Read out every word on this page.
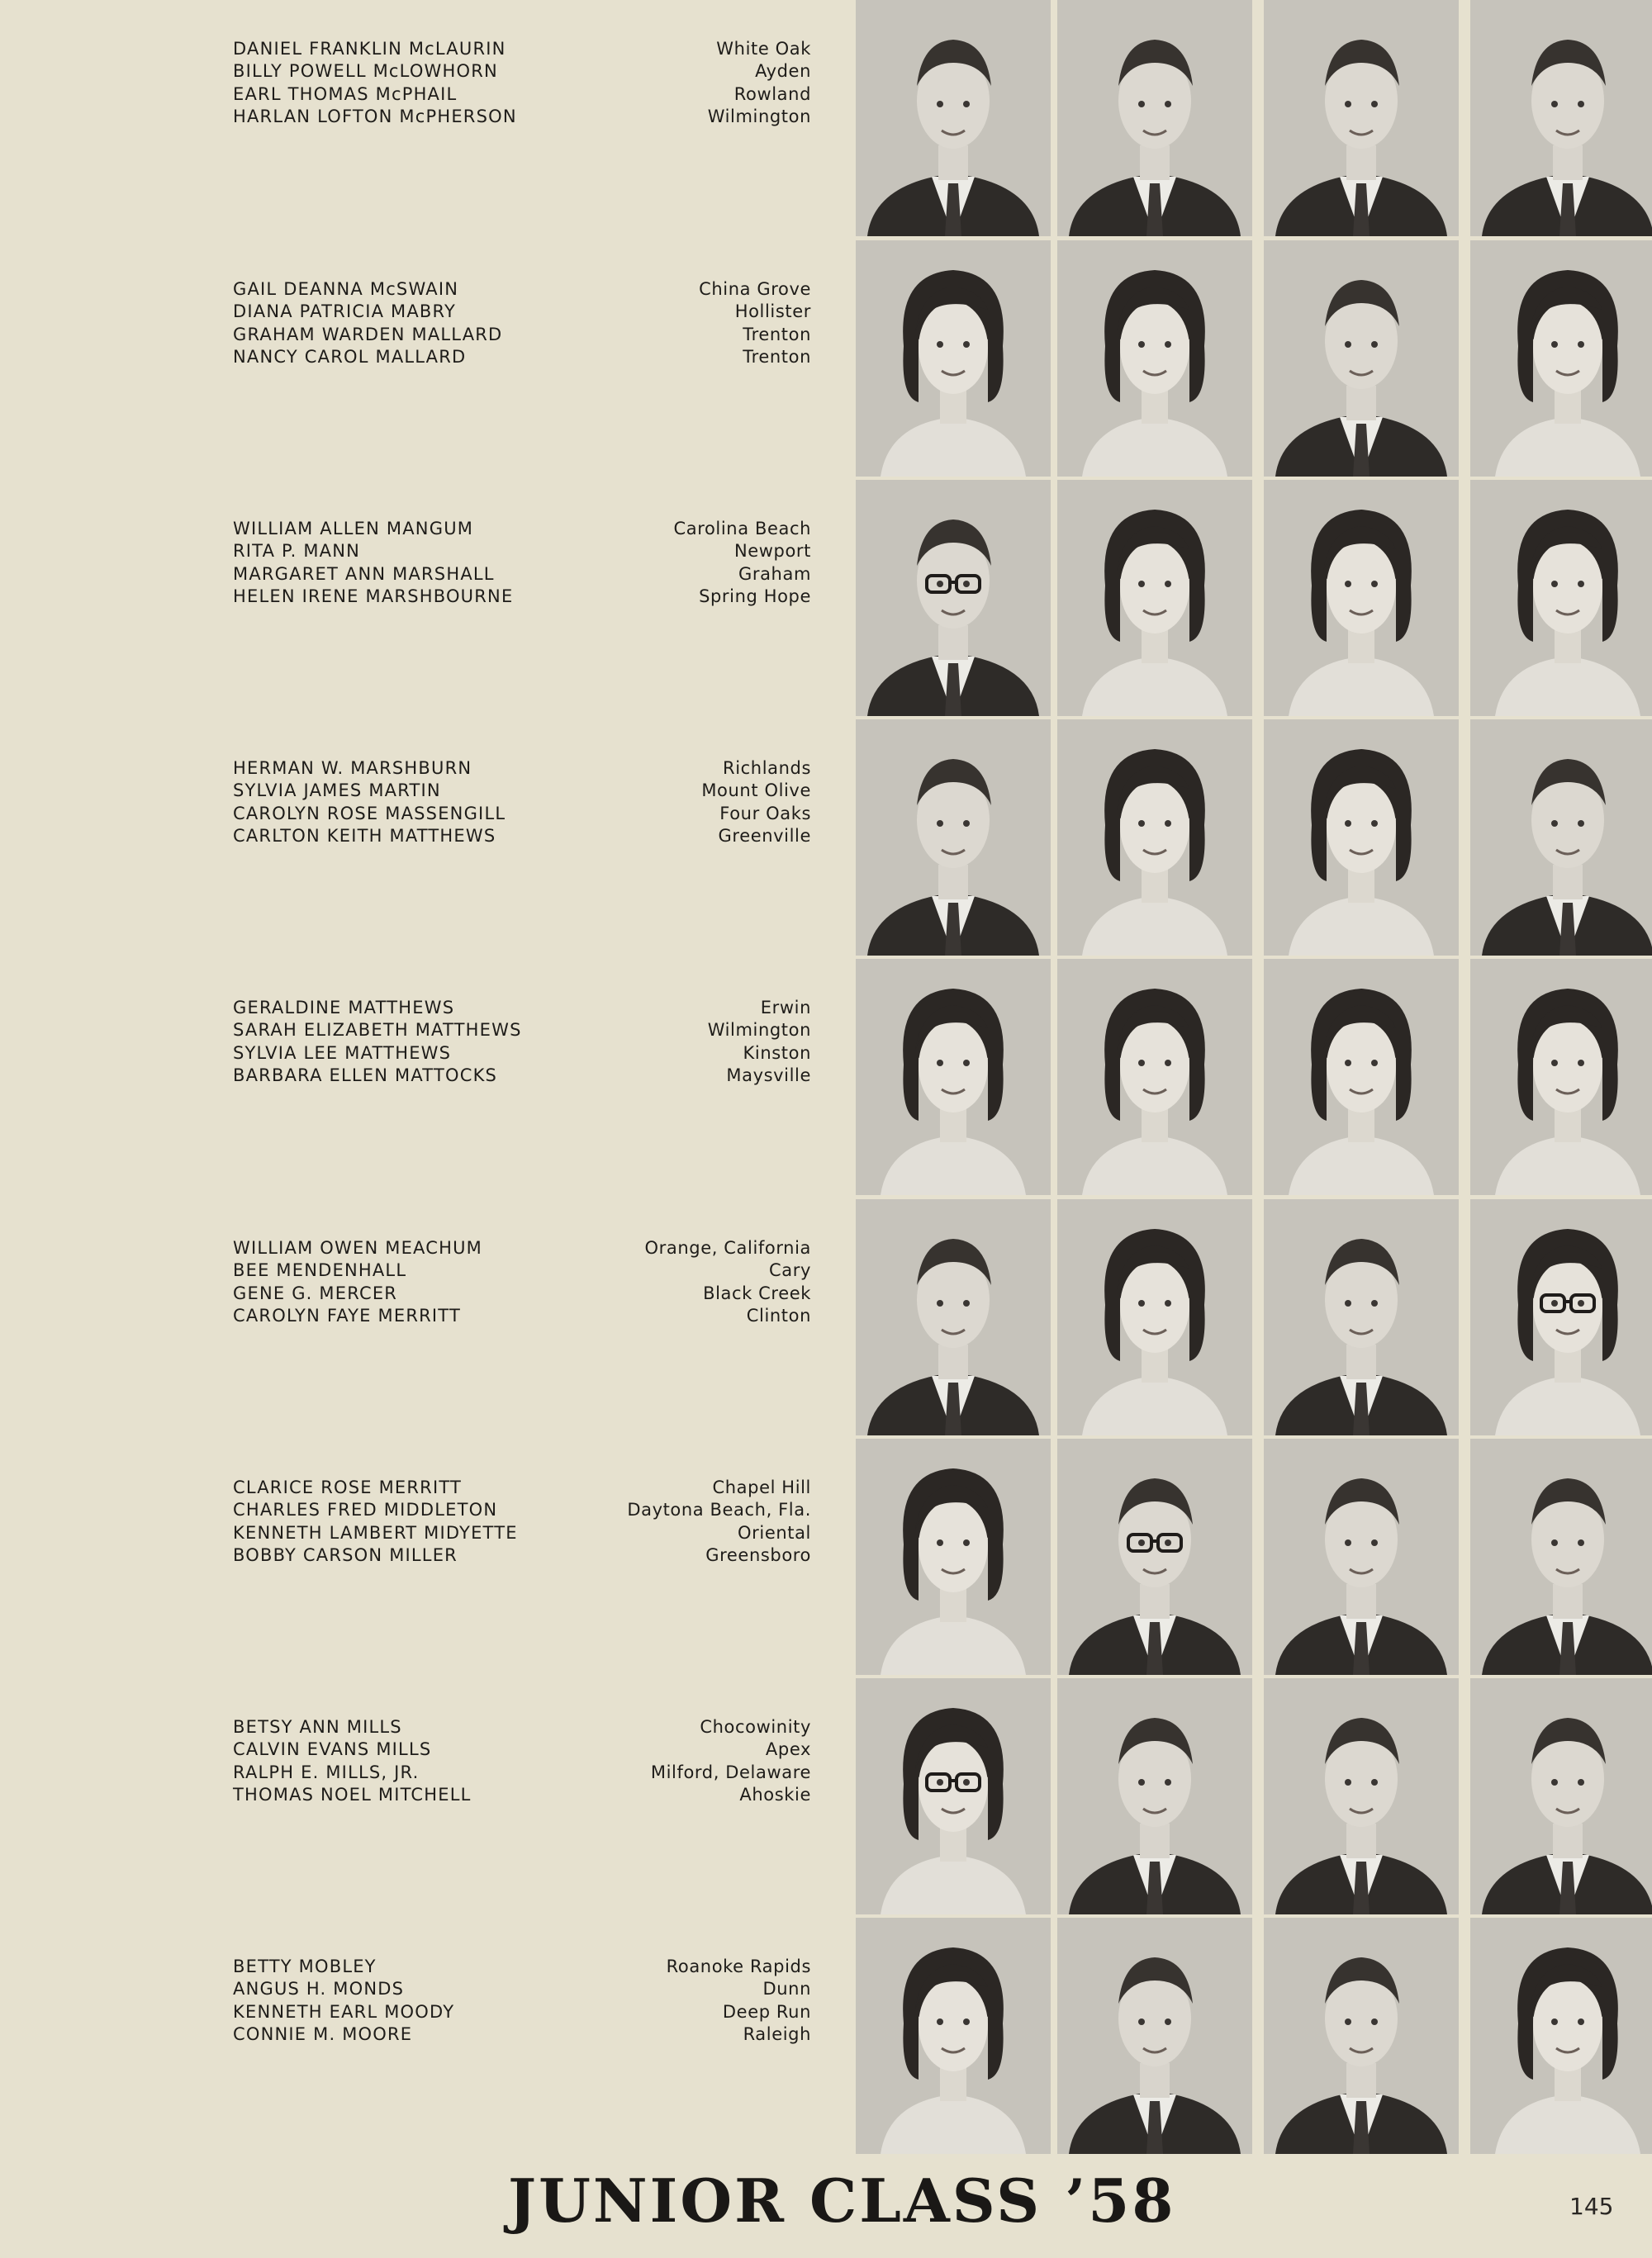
DANIEL FRANKLIN McLAURIN
BILLY POWELL McLOWHORN
EARL THOMAS McPHAIL
HARLAN LOFTON McPHERSON
White Oak
Ayden
Rowland
Wilmington
GAIL DEANNA McSWAIN
DIANA PATRICIA MABRY
GRAHAM WARDEN MALLARD
NANCY CAROL MALLARD
China Grove
Hollister
Trenton
Trenton
WILLIAM ALLEN MANGUM
RITA P. MANN
MARGARET ANN MARSHALL
HELEN IRENE MARSHBOURNE
Carolina Beach
Newport
Graham
Spring Hope
HERMAN W. MARSHBURN
SYLVIA JAMES MARTIN
CAROLYN ROSE MASSENGILL
CARLTON KEITH MATTHEWS
Richlands
Mount Olive
Four Oaks
Greenville
GERALDINE MATTHEWS
SARAH ELIZABETH MATTHEWS
SYLVIA LEE MATTHEWS
BARBARA ELLEN MATTOCKS
Erwin
Wilmington
Kinston
Maysville
WILLIAM OWEN MEACHUM
BEE MENDENHALL
GENE G. MERCER
CAROLYN FAYE MERRITT
Orange, California
Cary
Black Creek
Clinton
CLARICE ROSE MERRITT
CHARLES FRED MIDDLETON
KENNETH LAMBERT MIDYETTE
BOBBY CARSON MILLER
Chapel Hill
Daytona Beach, Fla.
Oriental
Greensboro
BETSY ANN MILLS
CALVIN EVANS MILLS
RALPH E. MILLS, JR.
THOMAS NOEL MITCHELL
Chocowinity
Apex
Milford, Delaware
Ahoskie
BETTY MOBLEY
ANGUS H. MONDS
KENNETH EARL MOODY
CONNIE M. MOORE
Roanoke Rapids
Dunn
Deep Run
Raleigh
JUNIOR CLASS ’58	145
